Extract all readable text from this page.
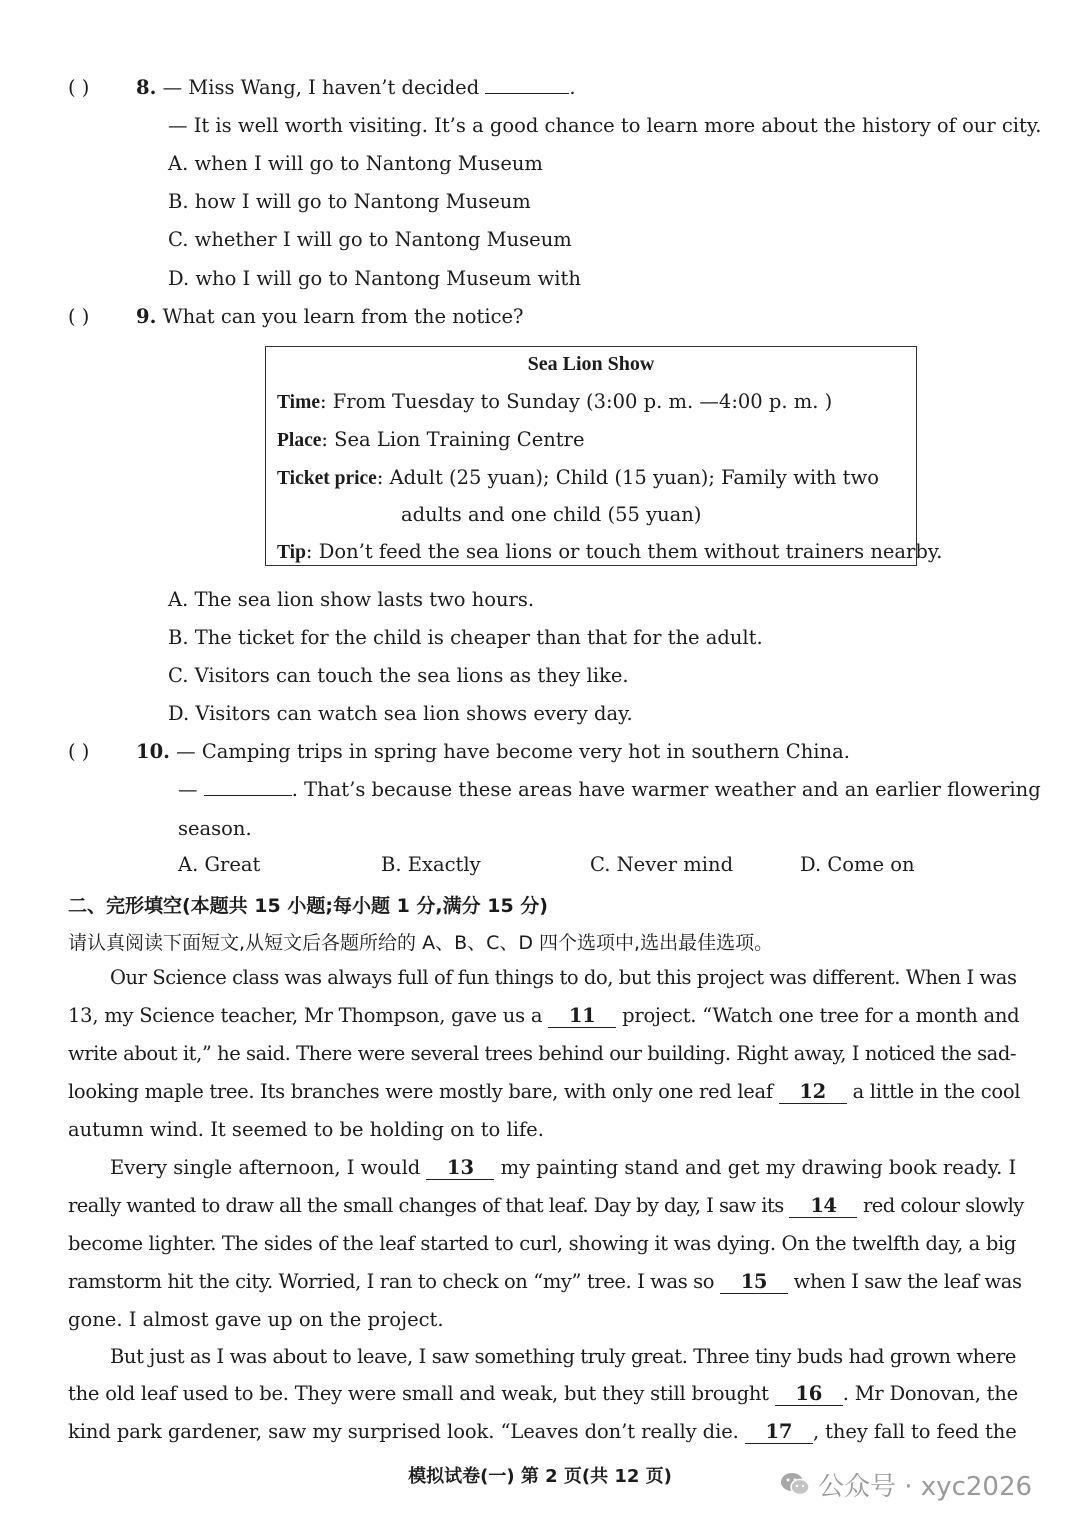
( ) 8. — Miss Wang, I haven’t decided	.
— It is well worth visiting. It’s a good chance to learn more about the history of our city.
A. when I will go to Nantong Museum
B. how I will go to Nantong Museum
C. whether I will go to Nantong Museum
D. who I will go to Nantong Museum with
( ) 9. What can you learn from the notice?
Sea Lion Show
Time: From Tuesday to Sunday (3:00 p. m. —4:00 p. m. )
Place: Sea Lion Training Centre
Ticket price: Adult (25 yuan); Child (15 yuan); Family with two
adults and one child (55 yuan)
Tip: Don’t feed the sea lions or touch them without trainers nearby.
A. The sea lion show lasts two hours.
B. The ticket for the child is cheaper than that for the adult.
C. Visitors can touch the sea lions as they like.
D. Visitors can watch sea lion shows every day.
( ) 10. — Camping trips in spring have become very hot in southern China.
—	. That’s because these areas have warmer weather and an earlier flowering
season.
A. Great	B. Exactly	C. Never mind	D. Come on
二、完形填空(本题共 15 小题;每小题 1 分,满分 15 分)
请认真阅读下面短文,从短文后各题所给的 A、B、C、D 四个选项中,选出最佳选项。
Our Science class was always full of fun things to do, but this project was different. When I was
13, my Science teacher, Mr Thompson, gave us a 11 project. “Watch one tree for a month and
write about it,” he said. There were several trees behind our building. Right away, I noticed the sad-
looking maple tree. Its branches were mostly bare, with only one red leaf 12 a little in the cool
autumn wind. It seemed to be holding on to life.
Every single afternoon, I would 13 my painting stand and get my drawing book ready. I
really wanted to draw all the small changes of that leaf. Day by day, I saw its 14 red colour slowly
become lighter. The sides of the leaf started to curl, showing it was dying. On the twelfth day, a big
ramstorm hit the city. Worried, I ran to check on “my” tree. I was so 15 when I saw the leaf was
gone. I almost gave up on the project.
But just as I was about to leave, I saw something truly great. Three tiny buds had grown where
the old leaf used to be. They were small and weak, but they still brought 16 . Mr Donovan, the
kind park gardener, saw my surprised look. “Leaves don’t really die. 17 , they fall to feed the
模拟试卷(一) 第 2 页(共 12 页)	公众号 · xyc2026
